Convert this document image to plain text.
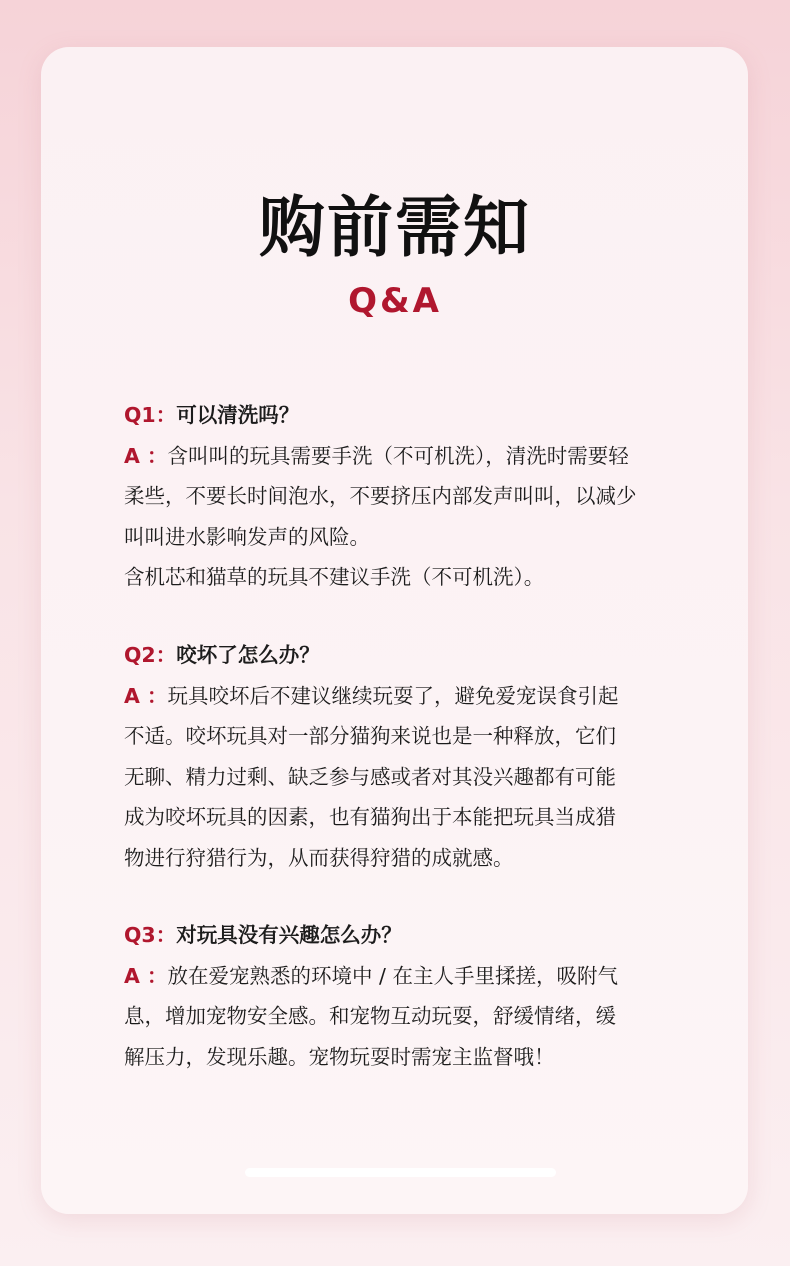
购前需知
Q&A
Q1：可以清洗吗？
A ：含叫叫的玩具需要手洗（不可机洗），清洗时需要轻
柔些，不要长时间泡水，不要挤压内部发声叫叫，以减少
叫叫进水影响发声的风险。
含机芯和猫草的玩具不建议手洗（不可机洗）。
Q2：咬坏了怎么办？
A ：玩具咬坏后不建议继续玩耍了，避免爱宠误食引起
不适。咬坏玩具对一部分猫狗来说也是一种释放，它们
无聊、精力过剩、缺乏参与感或者对其没兴趣都有可能
成为咬坏玩具的因素，也有猫狗出于本能把玩具当成猎
物进行狩猎行为，从而获得狩猎的成就感。
Q3：对玩具没有兴趣怎么办？
A ：放在爱宠熟悉的环境中 / 在主人手里揉搓，吸附气
息，增加宠物安全感。和宠物互动玩耍，舒缓情绪，缓
解压力，发现乐趣。宠物玩耍时需宠主监督哦！
